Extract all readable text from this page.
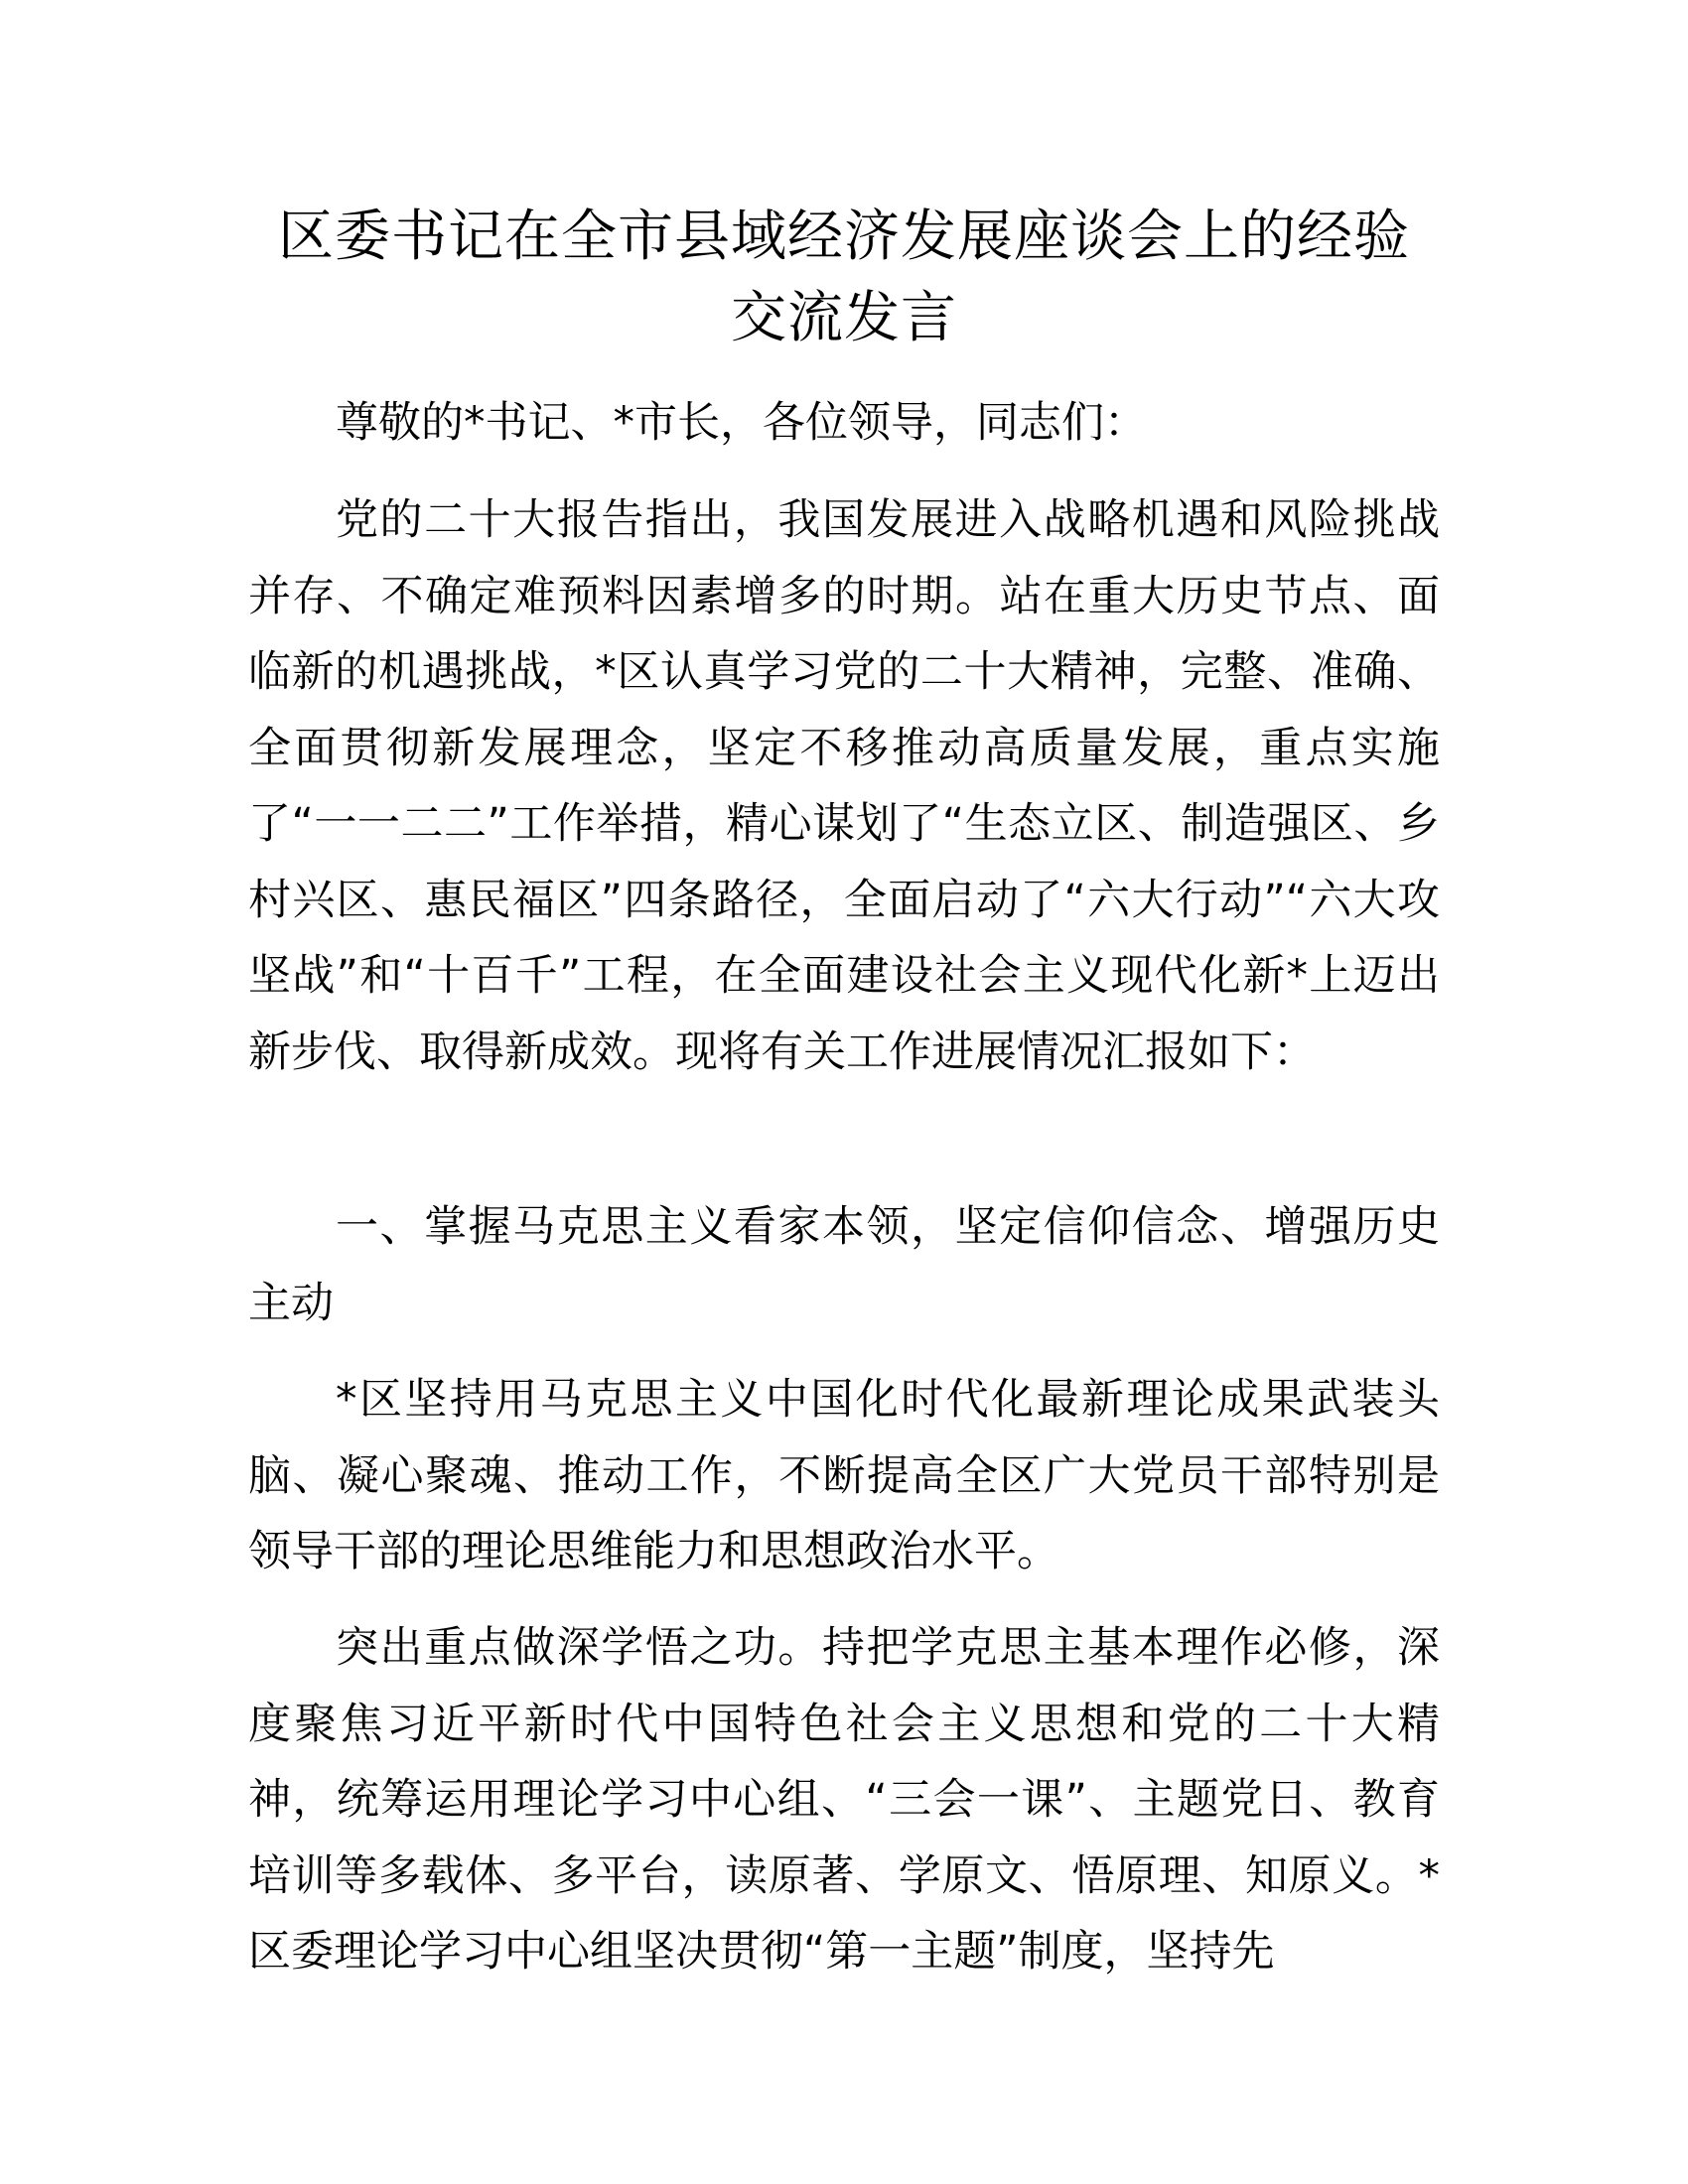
区委书记在全市县域经济发展座谈会上的经验
交流发言

尊敬的*书记、*市长，各位领导，同志们：

党的二十大报告指出，我国发展进入战略机遇和风险挑战并存、不确定难预料因素增多的时期。站在重大历史节点、面临新的机遇挑战，*区认真学习党的二十大精神，完整、准确、全面贯彻新发展理念，坚定不移推动高质量发展，重点实施了“一一二二”工作举措，精心谋划了“生态立区、制造强区、乡村兴区、惠民福区”四条路径，全面启动了“六大行动”“六大攻坚战”和“十百千”工程，在全面建设社会主义现代化新*上迈出新步伐、取得新成效。现将有关工作进展情况汇报如下：

一、掌握马克思主义看家本领，坚定信仰信念、增强历史主动

*区坚持用马克思主义中国化时代化最新理论成果武装头脑、凝心聚魂、推动工作，不断提高全区广大党员干部特别是领导干部的理论思维能力和思想政治水平。

突出重点做深学悟之功。持把学克思主基本理作必修，深度聚焦习近平新时代中国特色社会主义思想和党的二十大精神，统筹运用理论学习中心组、“三会一课”、主题党日、教育培训等多载体、多平台，读原著、学原文、悟原理、知原义。*区委理论学习中心组坚决贯彻“第一主题”制度，坚持先
